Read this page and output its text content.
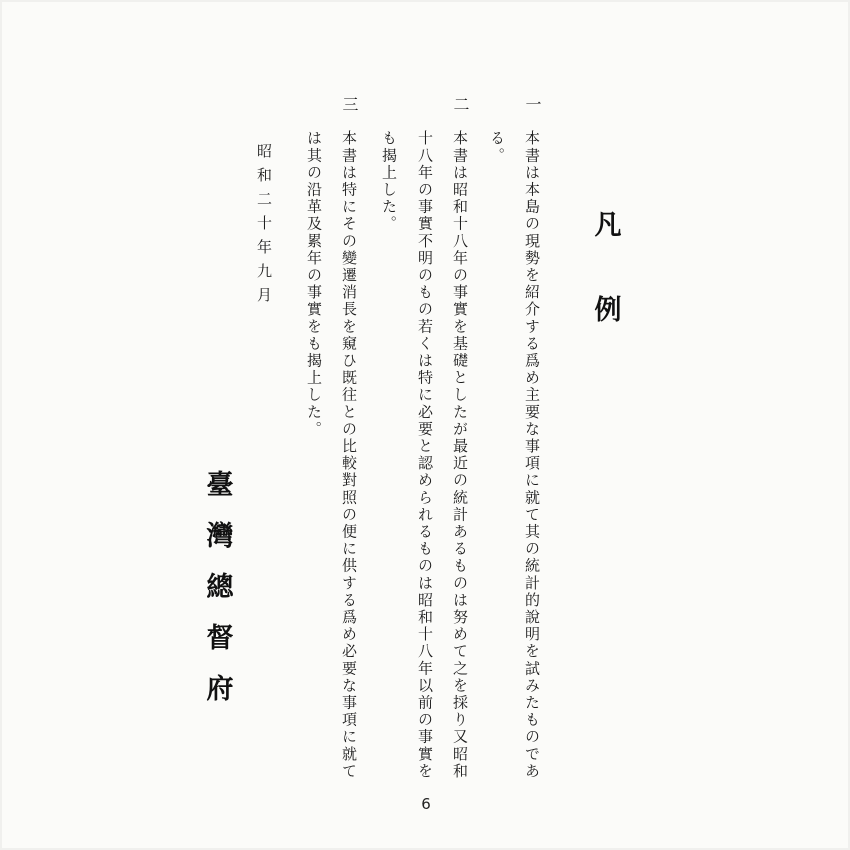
凡
例

一

本書は本島の現勢を紹介する爲め主要な事項に就て其の統計的說明を試みたものであ

る。

二

本書は昭和十八年の事實を基礎としたが最近の統計あるものは努めて之を採り又昭和

十八年の事實不明のもの若くは特に必要と認められるものは昭和十八年以前の事實を

も揭上した。

三

本書は特にその變遷消長を窺ひ既往との比較對照の便に供する爲め必要な事項に就て

は其の沿革及累年の事實をも揭上した。

昭和二十年九月

臺
灣
總
督
府
6
